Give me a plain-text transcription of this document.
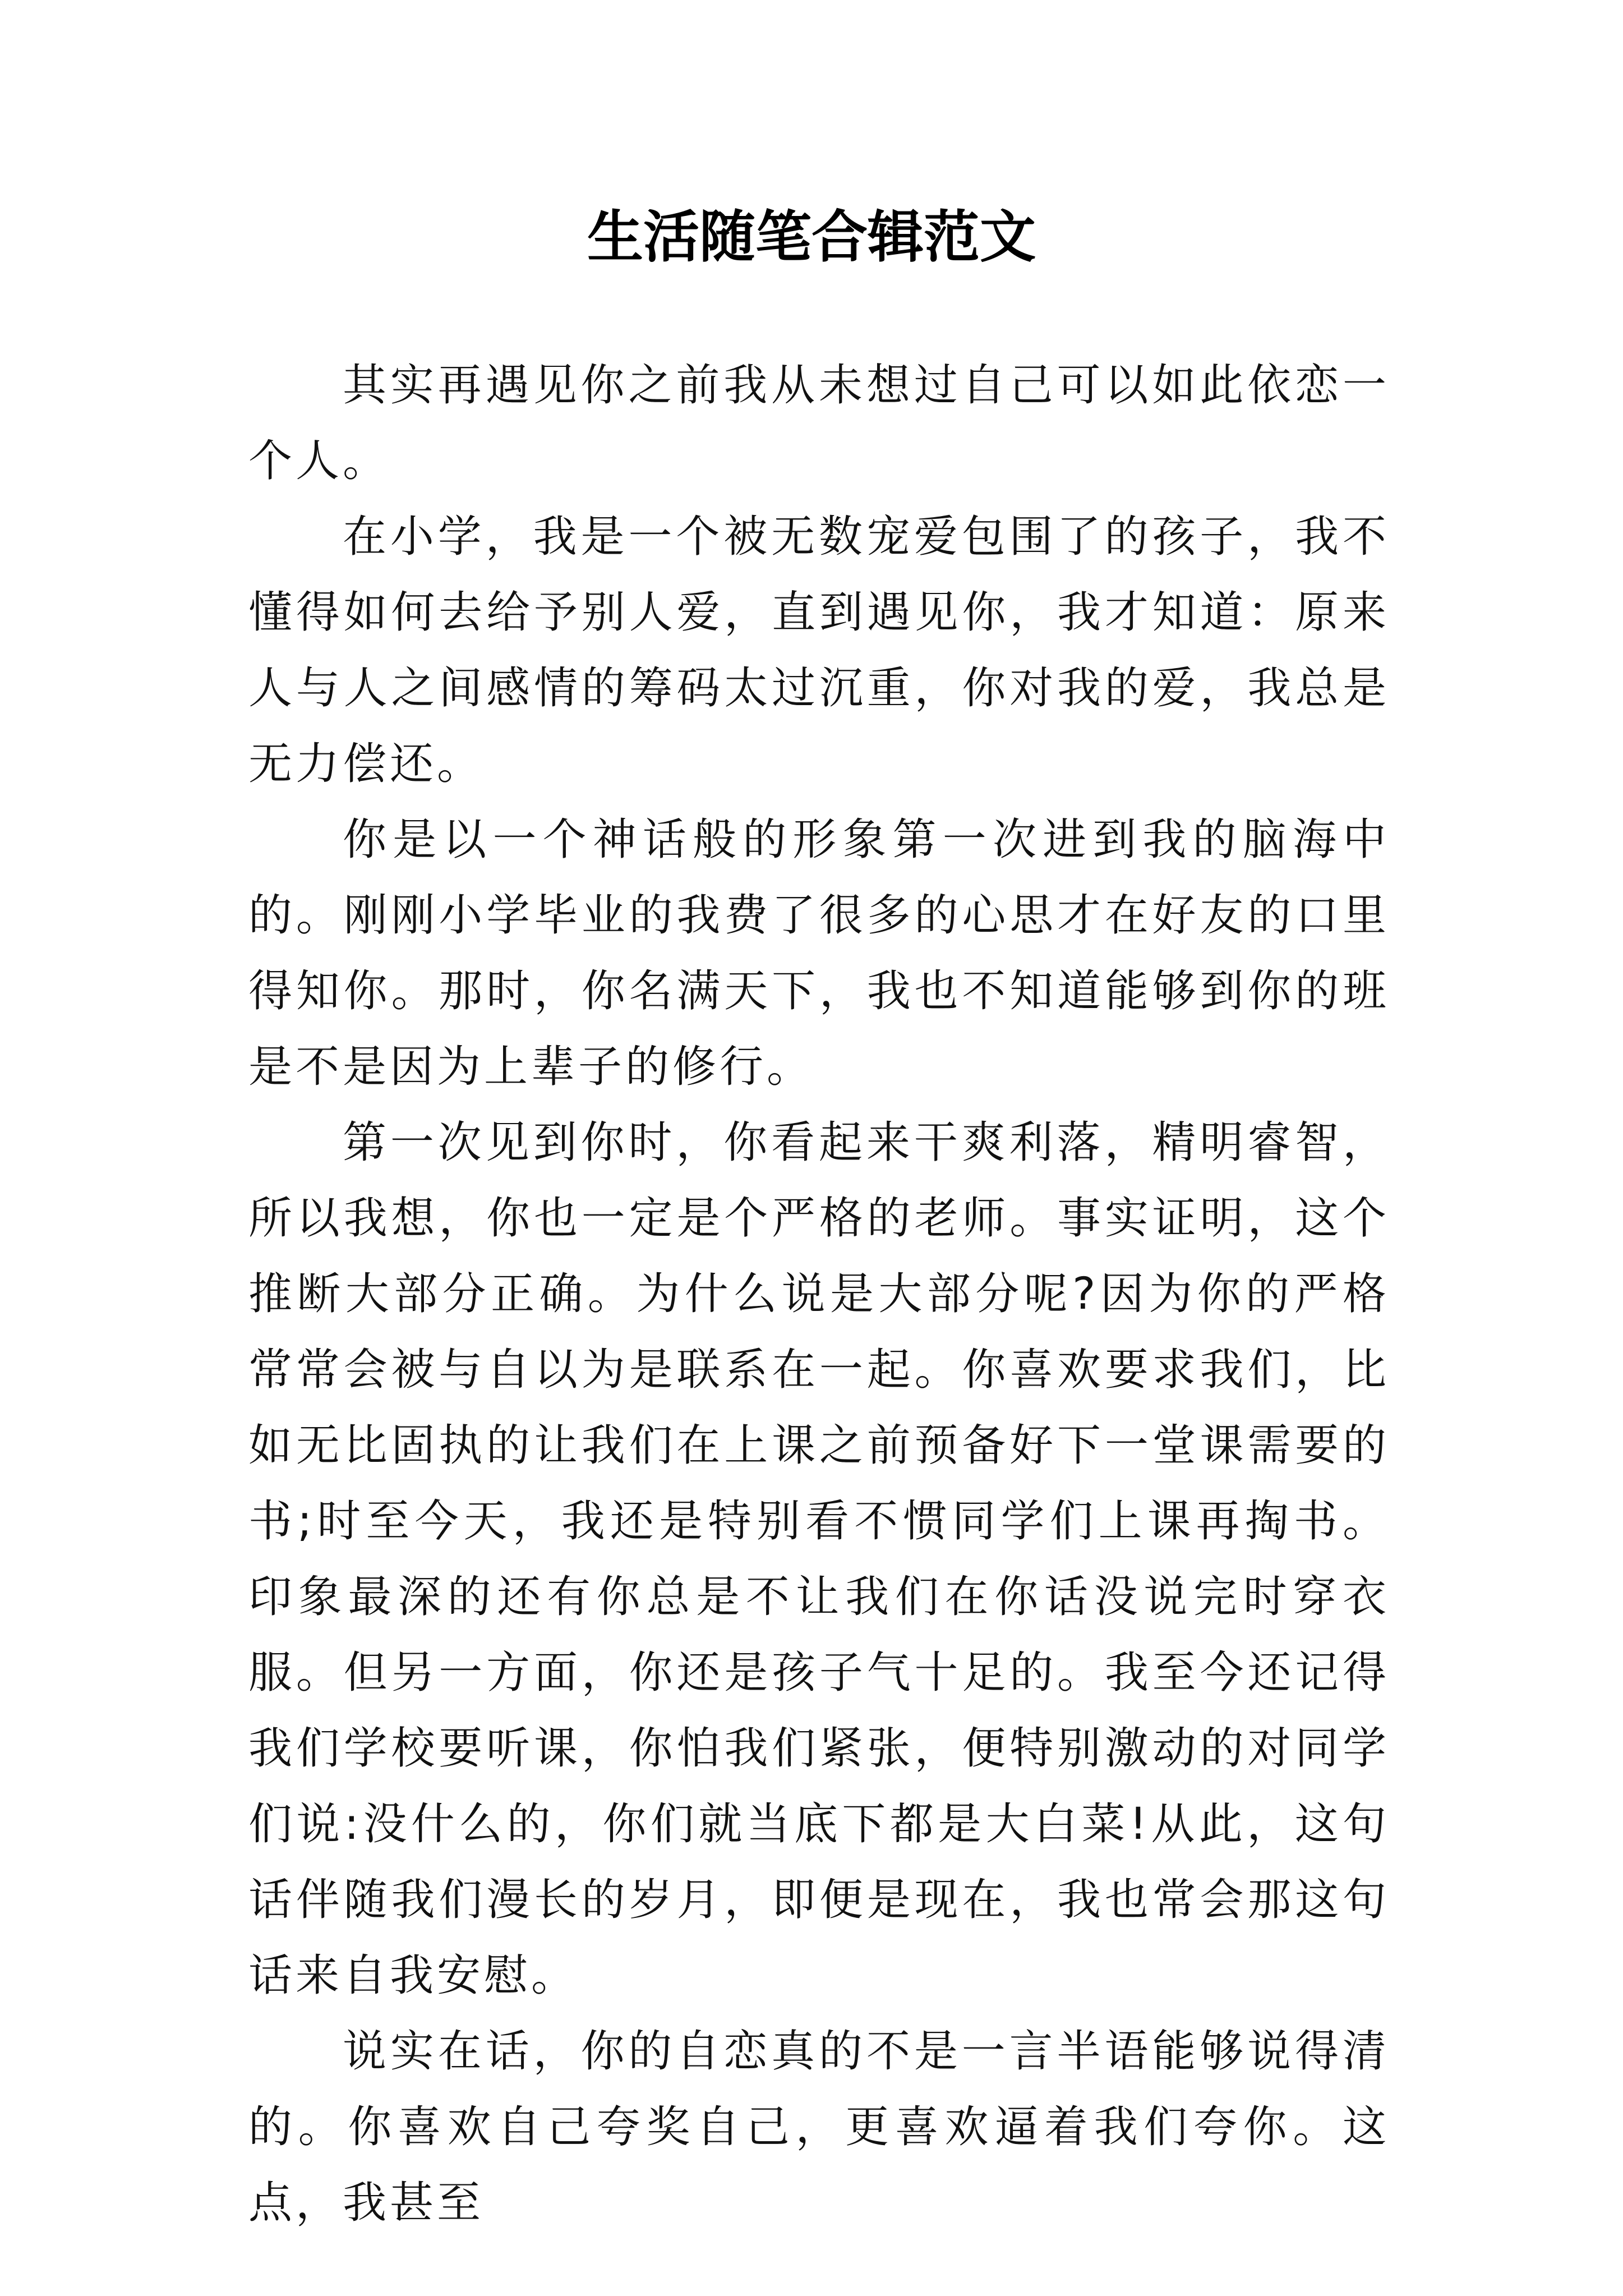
生活随笔合辑范文

其实再遇见你之前我从未想过自己可以如此依恋一个人。

在小学，我是一个被无数宠爱包围了的孩子，我不懂得如何去给予别人爱，直到遇见你，我才知道：原来人与人之间感情的筹码太过沉重，你对我的爱，我总是无力偿还。

你是以一个神话般的形象第一次进到我的脑海中的。刚刚小学毕业的我费了很多的心思才在好友的口里得知你。那时，你名满天下，我也不知道能够到你的班是不是因为上辈子的修行。

第一次见到你时，你看起来干爽利落，精明睿智，所以我想，你也一定是个严格的老师。事实证明，这个推断大部分正确。为什么说是大部分呢?因为你的严格常常会被与自以为是联系在一起。你喜欢要求我们，比如无比固执的让我们在上课之前预备好下一堂课需要的书;时至今天，我还是特别看不惯同学们上课再掏书。印象最深的还有你总是不让我们在你话没说完时穿衣服。但另一方面，你还是孩子气十足的。我至今还记得我们学校要听课，你怕我们紧张，便特别激动的对同学们说:没什么的，你们就当底下都是大白菜!从此，这句话伴随我们漫长的岁月，即便是现在，我也常会那这句话来自我安慰。

说实在话，你的自恋真的不是一言半语能够说得清的。你喜欢自己夸奖自己，更喜欢逼着我们夸你。这点，我甚至
